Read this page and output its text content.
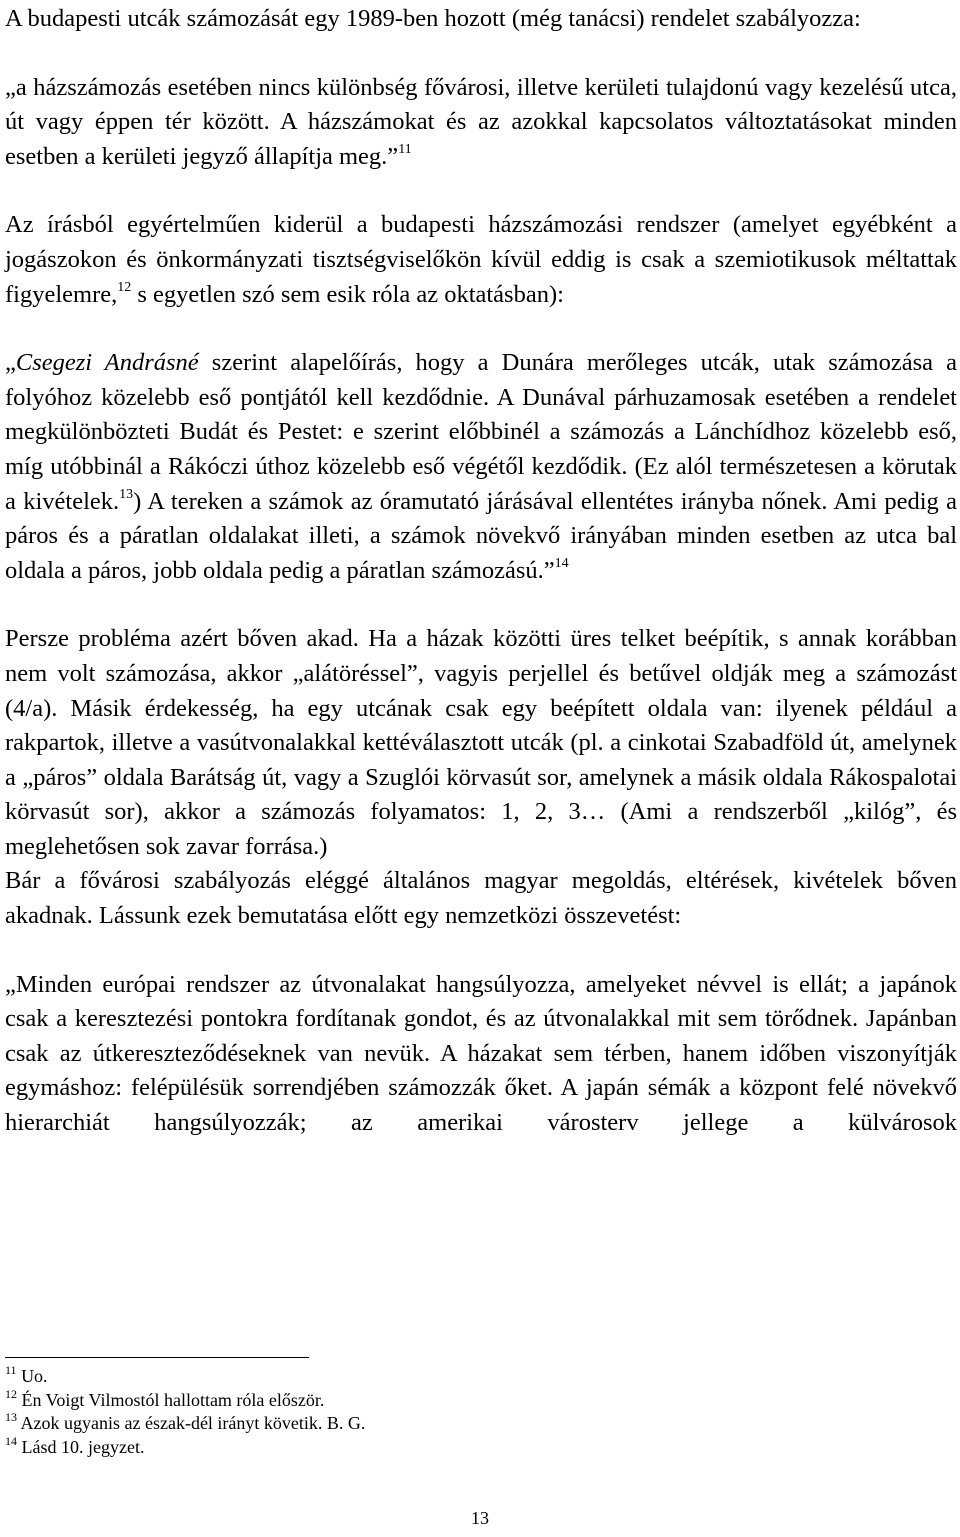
A budapesti utcák számozását egy 1989-ben hozott (még tanácsi) rendelet szabályozza:

„a házszámozás esetében nincs különbség fővárosi, illetve kerületi tulajdonú vagy kezelésű utca, út vagy éppen tér között. A házszámokat és az azokkal kapcsolatos változtatásokat minden esetben a kerületi jegyző állapítja meg.”$^{11}$

Az írásból egyértelműen kiderül a budapesti házszámozási rendszer (amelyet egyébként a jogászokon és önkormányzati tisztségviselőkön kívül eddig is csak a szemiotikusok méltattak figyelemre,$^{12}$ s egyetlen szó sem esik róla az oktatásban):

„Csegezi Andrásné szerint alapelőírás, hogy a Dunára merőleges utcák, utak számozása a folyóhoz közelebb eső pontjától kell kezdődnie. A Dunával párhuzamosak esetében a rendelet megkülönbözteti Budát és Pestet: e szerint előbbinél a számozás a Lánchídhoz közelebb eső, míg utóbbinál a Rákóczi úthoz közelebb eső végétől kezdődik. (Ez alól természetesen a körutak a kivételek.$^{13}$) A tereken a számok az óramutató járásával ellentétes irányba nőnek. Ami pedig a páros és a páratlan oldalakat illeti, a számok növekvő irányában minden esetben az utca bal oldala a páros, jobb oldala pedig a páratlan számozású.”$^{14}$

Persze probléma azért bőven akad. Ha a házak közötti üres telket beépítik, s annak korábban nem volt számozása, akkor „alátöréssel”, vagyis perjellel és betűvel oldják meg a számozást (4/a). Másik érdekesség, ha egy utcának csak egy beépített oldala van: ilyenek például a rakpartok, illetve a vasútvonalakkal kettéválasztott utcák (pl. a cinkotai Szabadföld út, amelynek a „páros” oldala Barátság út, vagy a Szuglói körvasút sor, amelynek a másik oldala Rákospalotai körvasút sor), akkor a számozás folyamatos: 1, 2, 3… (Ami a rendszerből „kilóg”, és meglehetősen sok zavar forrása.)

Bár a fővárosi szabályozás eléggé általános magyar megoldás, eltérések, kivételek bőven akadnak. Lássunk ezek bemutatása előtt egy nemzetközi összevetést:

„Minden európai rendszer az útvonalakat hangsúlyozza, amelyeket névvel is ellát; a japánok csak a keresztezési pontokra fordítanak gondot, és az útvonalakkal mit sem törődnek. Japánban csak az útkereszteződéseknek van nevük. A házakat sem térben, hanem időben viszonyítják egymáshoz: felépülésük sorrendjében számozzák őket. A japán sémák a központ felé növekvő hierarchiát hangsúlyozzák; az amerikai városterv jellege a külvárosok

$^{11}$ Uo.

$^{12}$ Én Voigt Vilmostól hallottam róla először.

$^{13}$ Azok ugyanis az észak-dél irányt követik. B. G.

$^{14}$ Lásd 10. jegyzet.

13
